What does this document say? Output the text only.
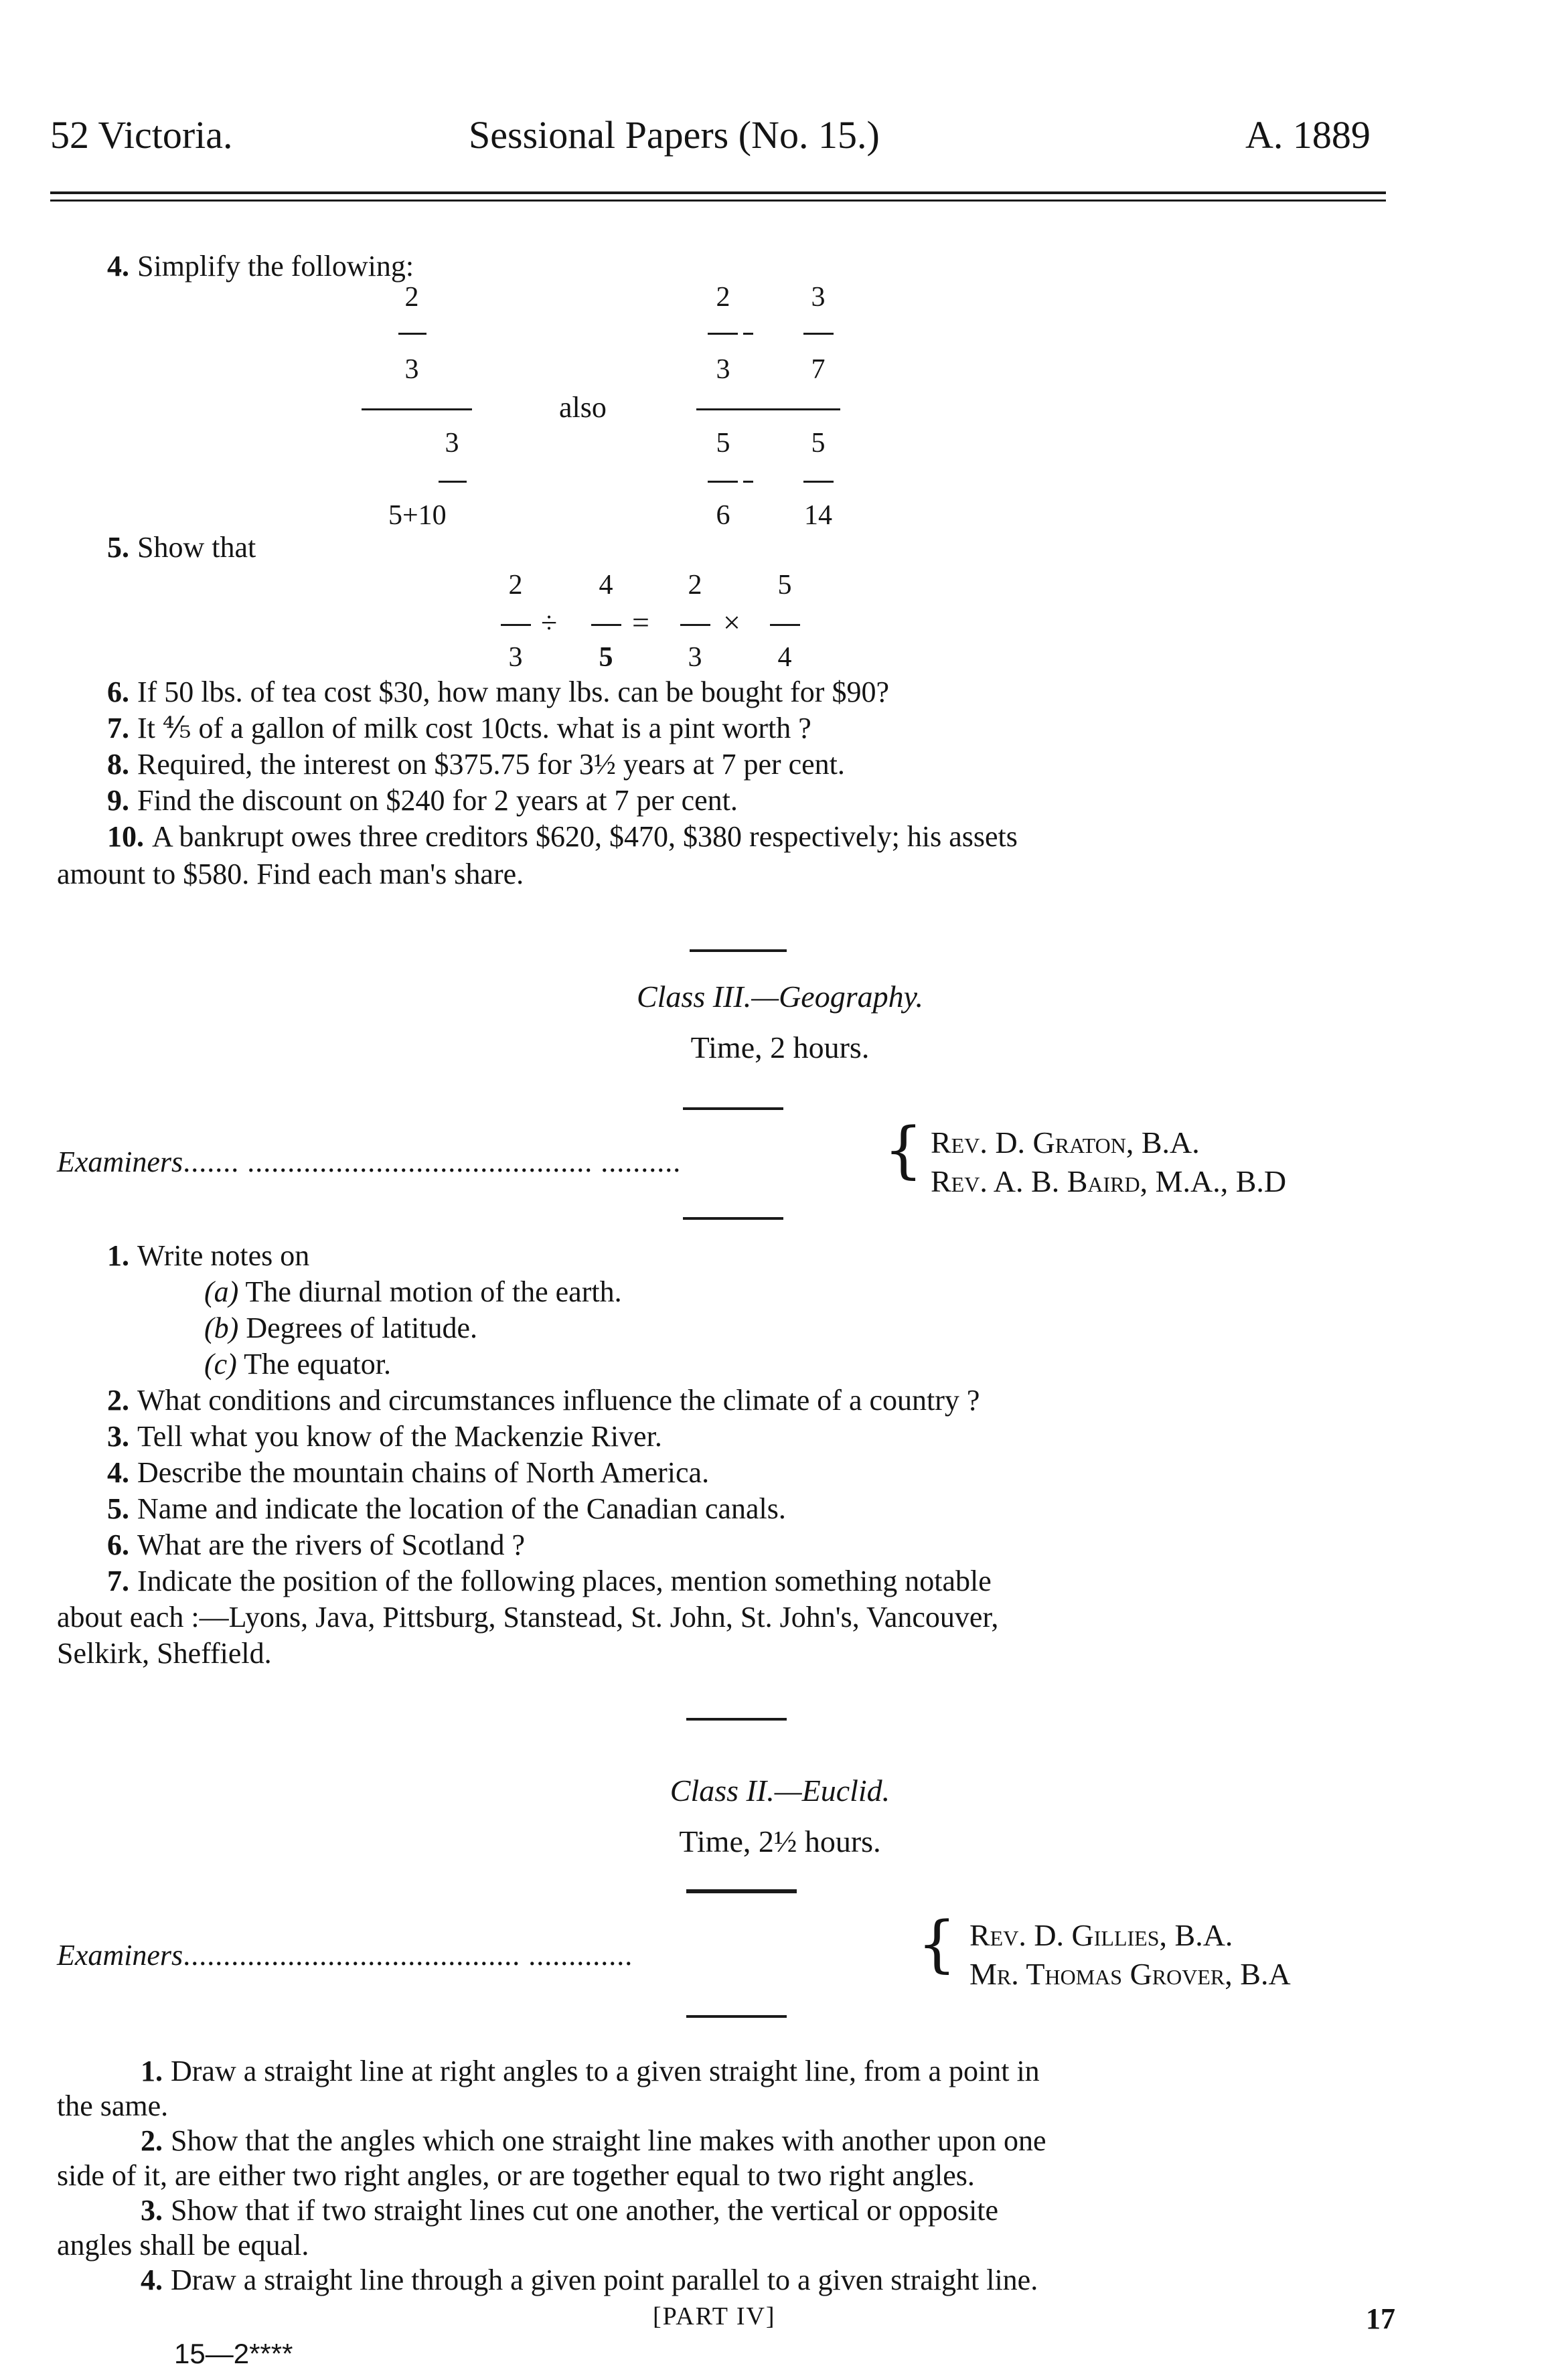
52 Victoria.	Sessional Papers (No. 15.)	A. 1889
4. Simplify the following:
2
3
3
5+10
also
2
3
3
7
5
6
5
14
5. Show that
2
3
÷
4
5
=
2
3
×
5
4
6. If 50 lbs. of tea cost $30, how many lbs. can be bought for $90?
7. It ⅘ of a gallon of milk cost 10cts. what is a pint worth ?
8. Required, the interest on $375.75 for 3½ years at 7 per cent.
9. Find the discount on $240 for 2 years at 7 per cent.
10. A bankrupt owes three creditors $620, $470, $380 respectively; his assets
amount to $580. Find each man's share.
Class III.—Geography.
Time, 2 hours.
Examiners....... ........................................... ..........	{ Rev. D. Graton, B.A.
Rev. A. B. Baird, M.A., B.D
1. Write notes on
(a) The diurnal motion of the earth.
(b) Degrees of latitude.
(c) The equator.
2. What conditions and circumstances influence the climate of a country ?
3. Tell what you know of the Mackenzie River.
4. Describe the mountain chains of North America.
5. Name and indicate the location of the Canadian canals.
6. What are the rivers of Scotland ?
7. Indicate the position of the following places, mention something notable
about each :—Lyons, Java, Pittsburg, Stanstead, St. John, St. John's, Vancouver,
Selkirk, Sheffield.
Class II.—Euclid.
Time, 2½ hours.
Examiners.......................................... .............	{ Rev. D. Gillies, B.A.
Mr. Thomas Grover, B.A
1. Draw a straight line at right angles to a given straight line, from a point in
the same.
2. Show that the angles which one straight line makes with another upon one
side of it, are either two right angles, or are together equal to two right angles.
3. Show that if two straight lines cut one another, the vertical or opposite
angles shall be equal.
4. Draw a straight line through a given point parallel to a given straight line.
[PART IV]	17
15—2****
